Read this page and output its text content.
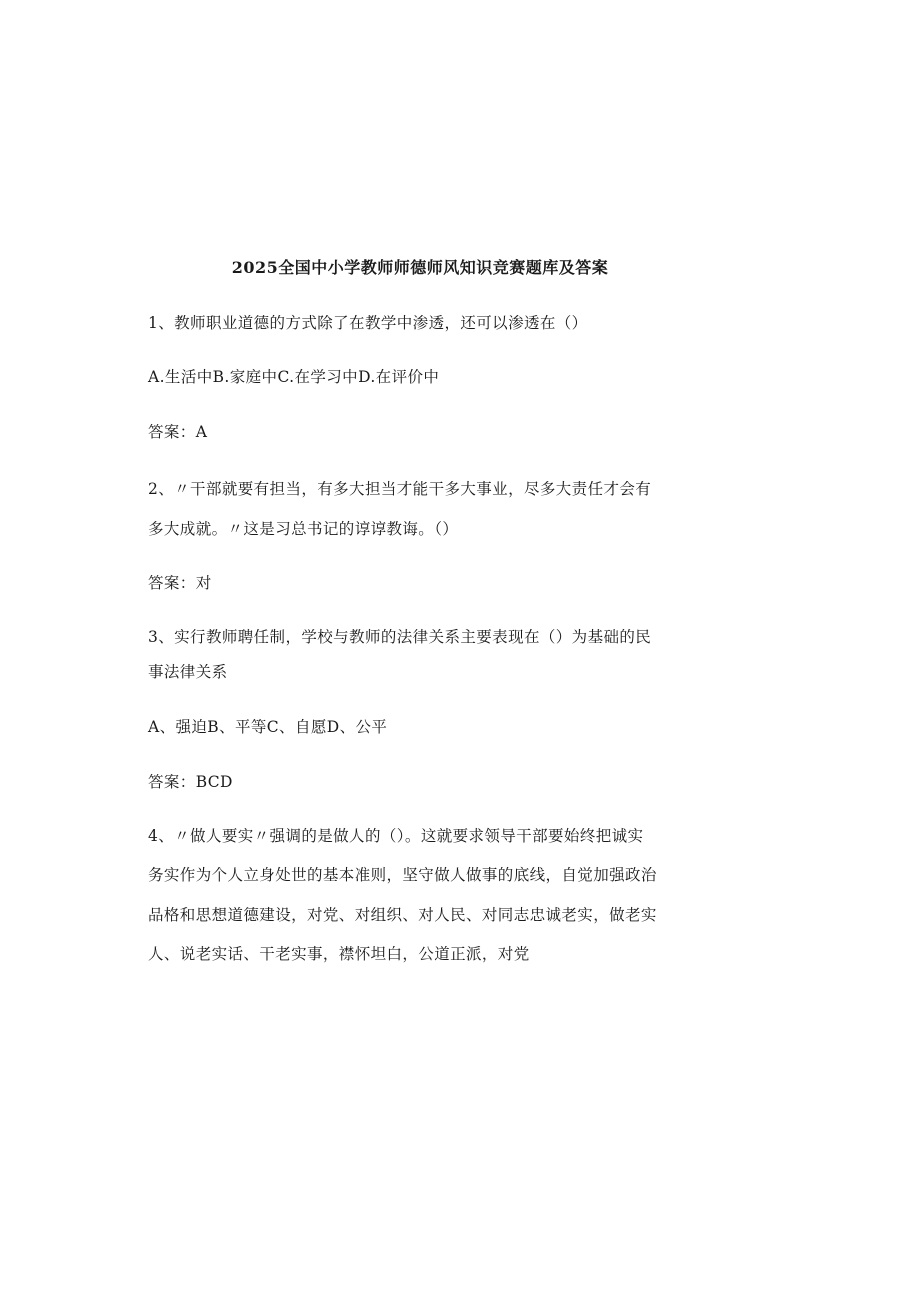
2025全国中小学教师师德师风知识竞赛题库及答案
1、教师职业道德的方式除了在教学中渗透，还可以渗透在（）
A.生活中B.家庭中C.在学习中D.在评价中
答案：A
2、〃干部就要有担当，有多大担当才能干多大事业，尽多大责任才会有
多大成就。〃这是习总书记的谆谆教诲。（）
答案：对
3、实行教师聘任制，学校与教师的法律关系主要表现在（）为基础的民
事法律关系
A、强迫B、平等C、自愿D、公平
答案：BCD
4、〃做人要实〃强调的是做人的（）。这就要求领导干部要始终把诚实
务实作为个人立身处世的基本准则，坚守做人做事的底线，自觉加强政治
品格和思想道德建设，对党、对组织、对人民、对同志忠诚老实，做老实
人、说老实话、干老实事，襟怀坦白，公道正派，对党
